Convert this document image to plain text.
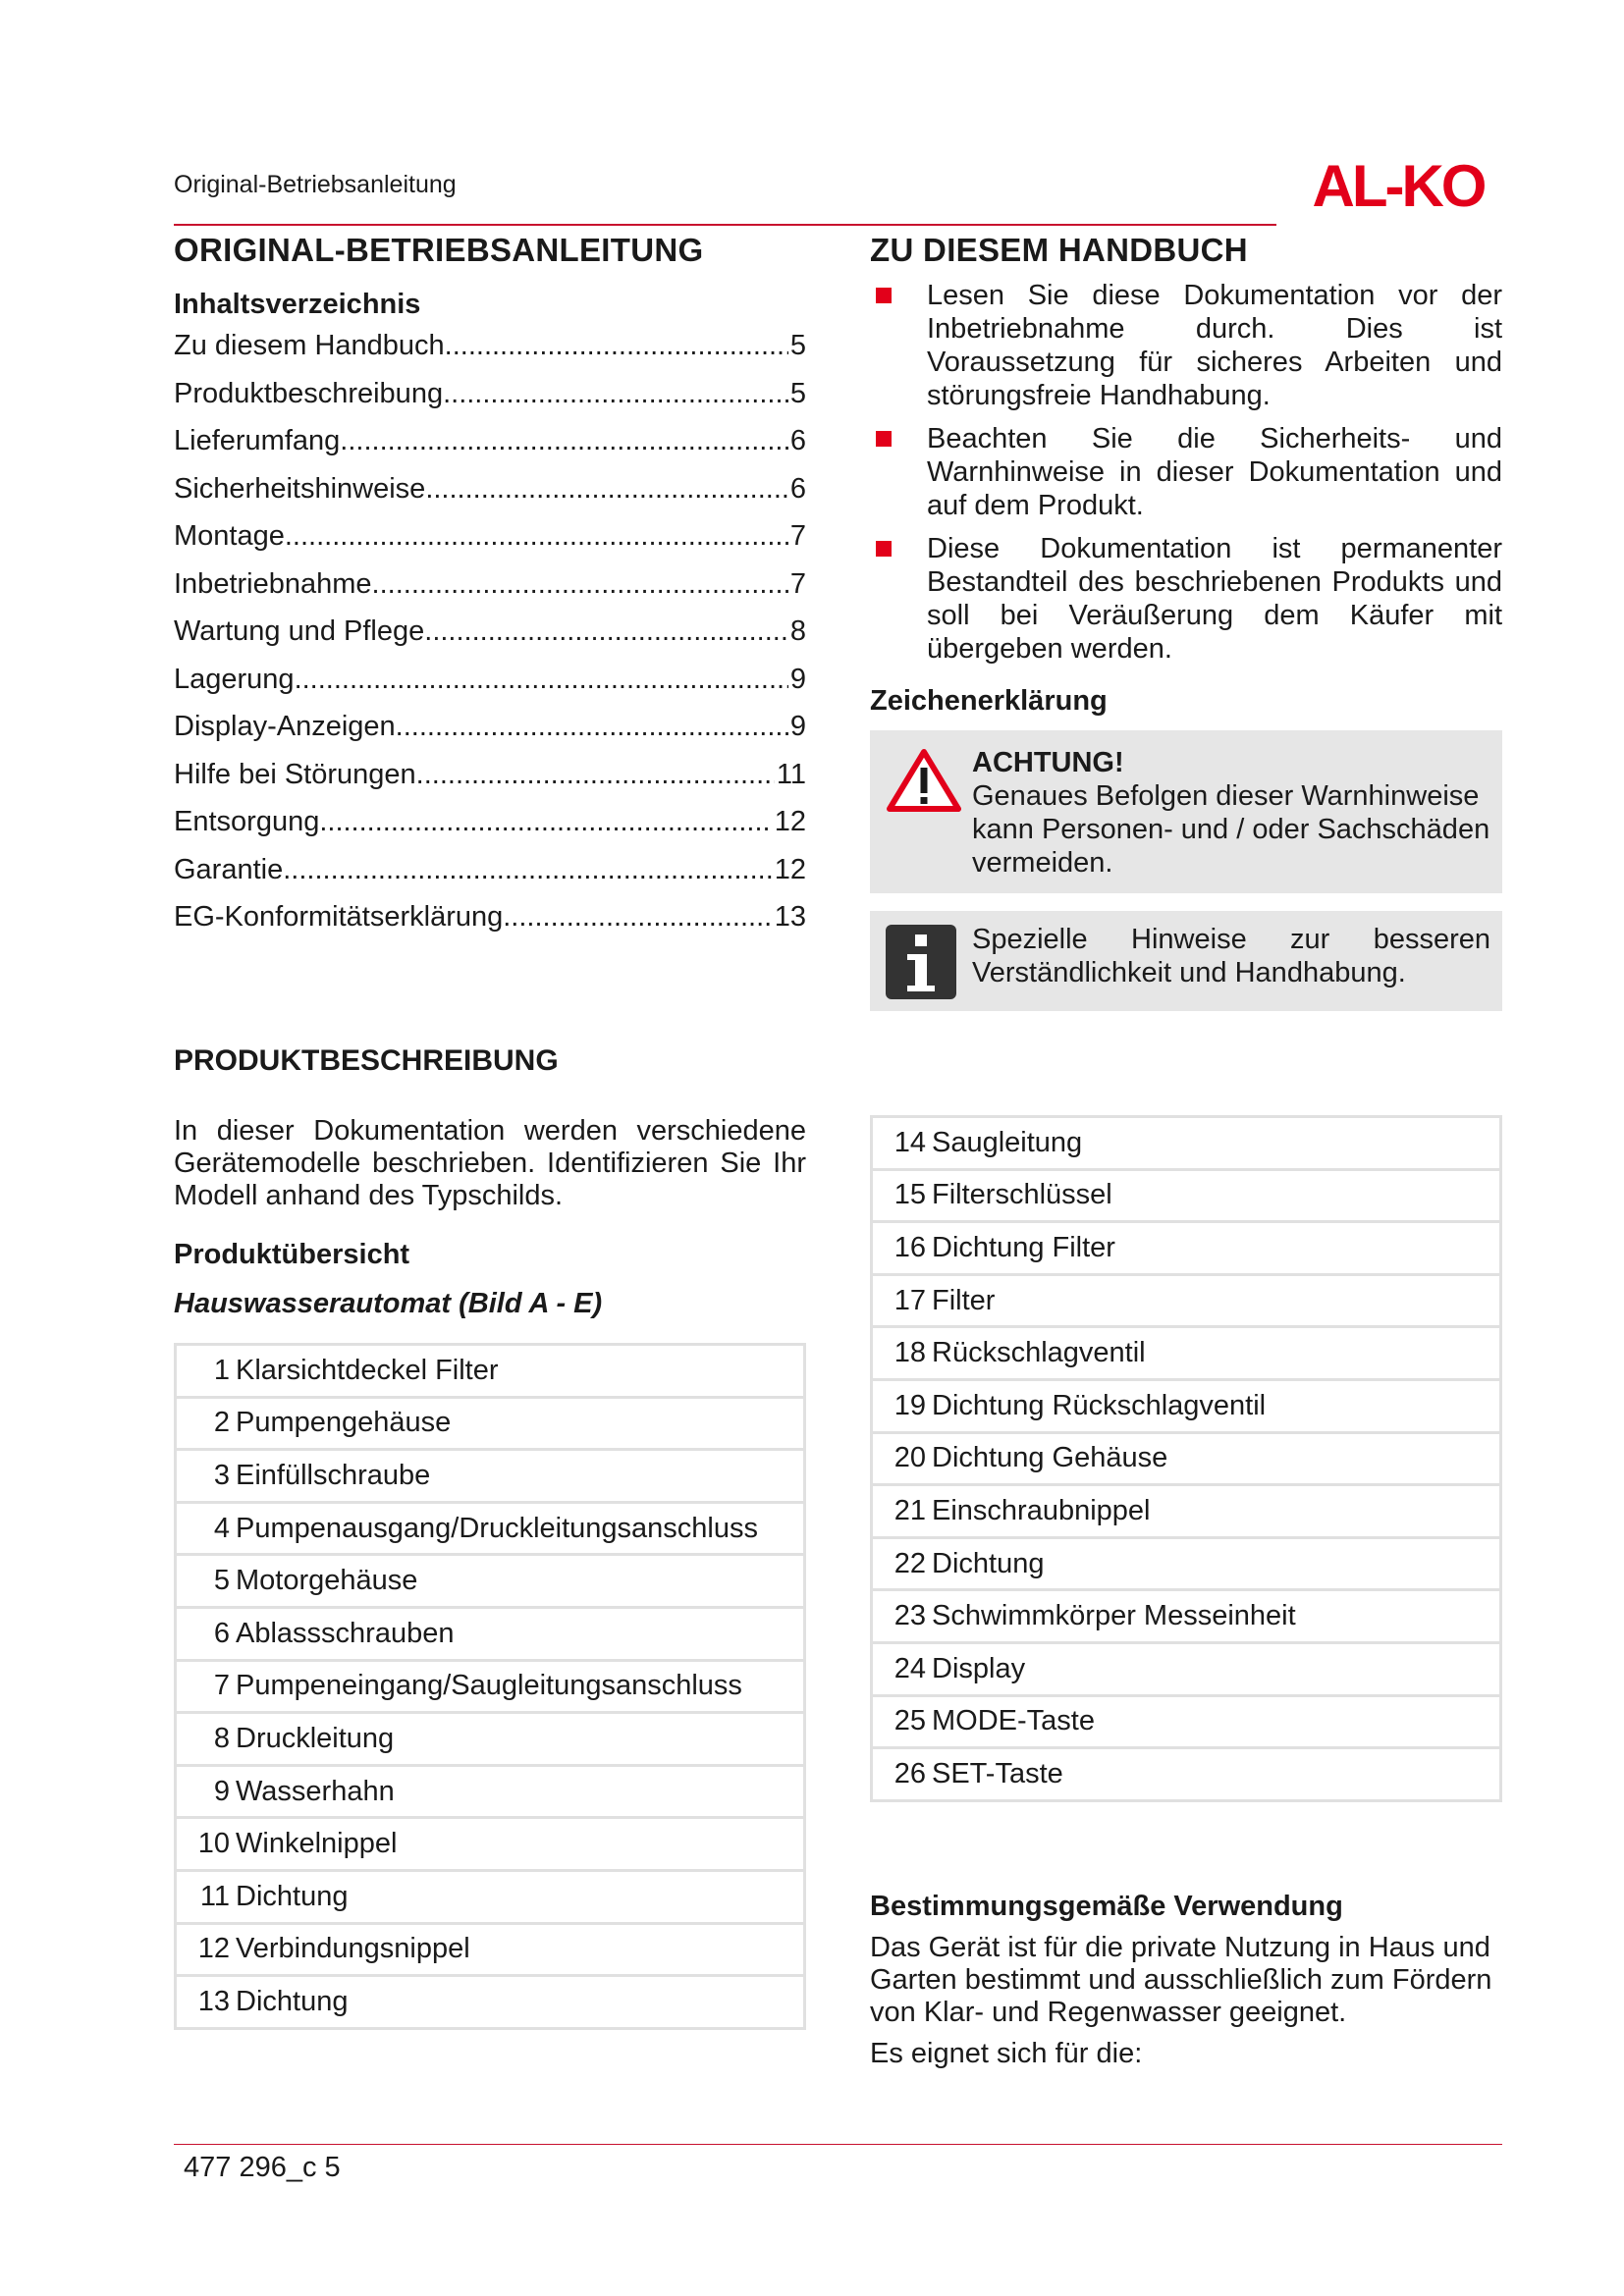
Original-Betriebsanleitung	AL-KO
ORIGINAL-BETRIEBSANLEITUNG
Inhaltsverzeichnis
Zu diesem Handbuch .....	5
Produktbeschreibung .....	5
Lieferumfang .....	6
Sicherheitshinweise .....	6
Montage .....	7
Inbetriebnahme .....	7
Wartung und Pflege .....	8
Lagerung .....	9
Display-Anzeigen .....	9
Hilfe bei Störungen .....	11
Entsorgung .....	12
Garantie .....	12
EG-Konformitätserklärung .....	13
PRODUKTBESCHREIBUNG

In dieser Dokumentation werden verschiedene Gerätemodelle beschrieben. Identifizieren Sie Ihr Modell anhand des Typschilds.

Produktübersicht
Hauswasserautomat (Bild A - E)
1 Klarsichtdeckel Filter
2 Pumpengehäuse
3 Einfüllschraube
4 Pumpenausgang/Druckleitungsanschluss
5 Motorgehäuse
6 Ablassschrauben
7 Pumpeneingang/Saugleitungsanschluss
8 Druckleitung
9 Wasserhahn
10 Winkelnippel
11 Dichtung
12 Verbindungsnippel
13 Dichtung
ZU DIESEM HANDBUCH
Lesen Sie diese Dokumentation vor der Inbetriebnahme durch. Dies ist Voraussetzung für sicheres Arbeiten und störungsfreie Handhabung.
Beachten Sie die Sicherheits- und Warnhinweise in dieser Dokumentation und auf dem Produkt.
Diese Dokumentation ist permanenter Bestandteil des beschriebenen Produkts und soll bei Veräußerung dem Käufer mit übergeben werden.
Zeichenerklärung
ACHTUNG!
Genaues Befolgen dieser Warnhinweise kann Personen- und / oder Sachschäden vermeiden.
Spezielle Hinweise zur besseren Verständlichkeit und Handhabung.
14 Saugleitung
15 Filterschlüssel
16 Dichtung Filter
17 Filter
18 Rückschlagventil
19 Dichtung Rückschlagventil
20 Dichtung Gehäuse
21 Einschraubnippel
22 Dichtung
23 Schwimmkörper Messeinheit
24 Display
25 MODE-Taste
26 SET-Taste
Bestimmungsgemäße Verwendung

Das Gerät ist für die private Nutzung in Haus und Garten bestimmt und ausschließlich zum Fördern von Klar- und Regenwasser geeignet.

Es eignet sich für die:

477 296_c 5
